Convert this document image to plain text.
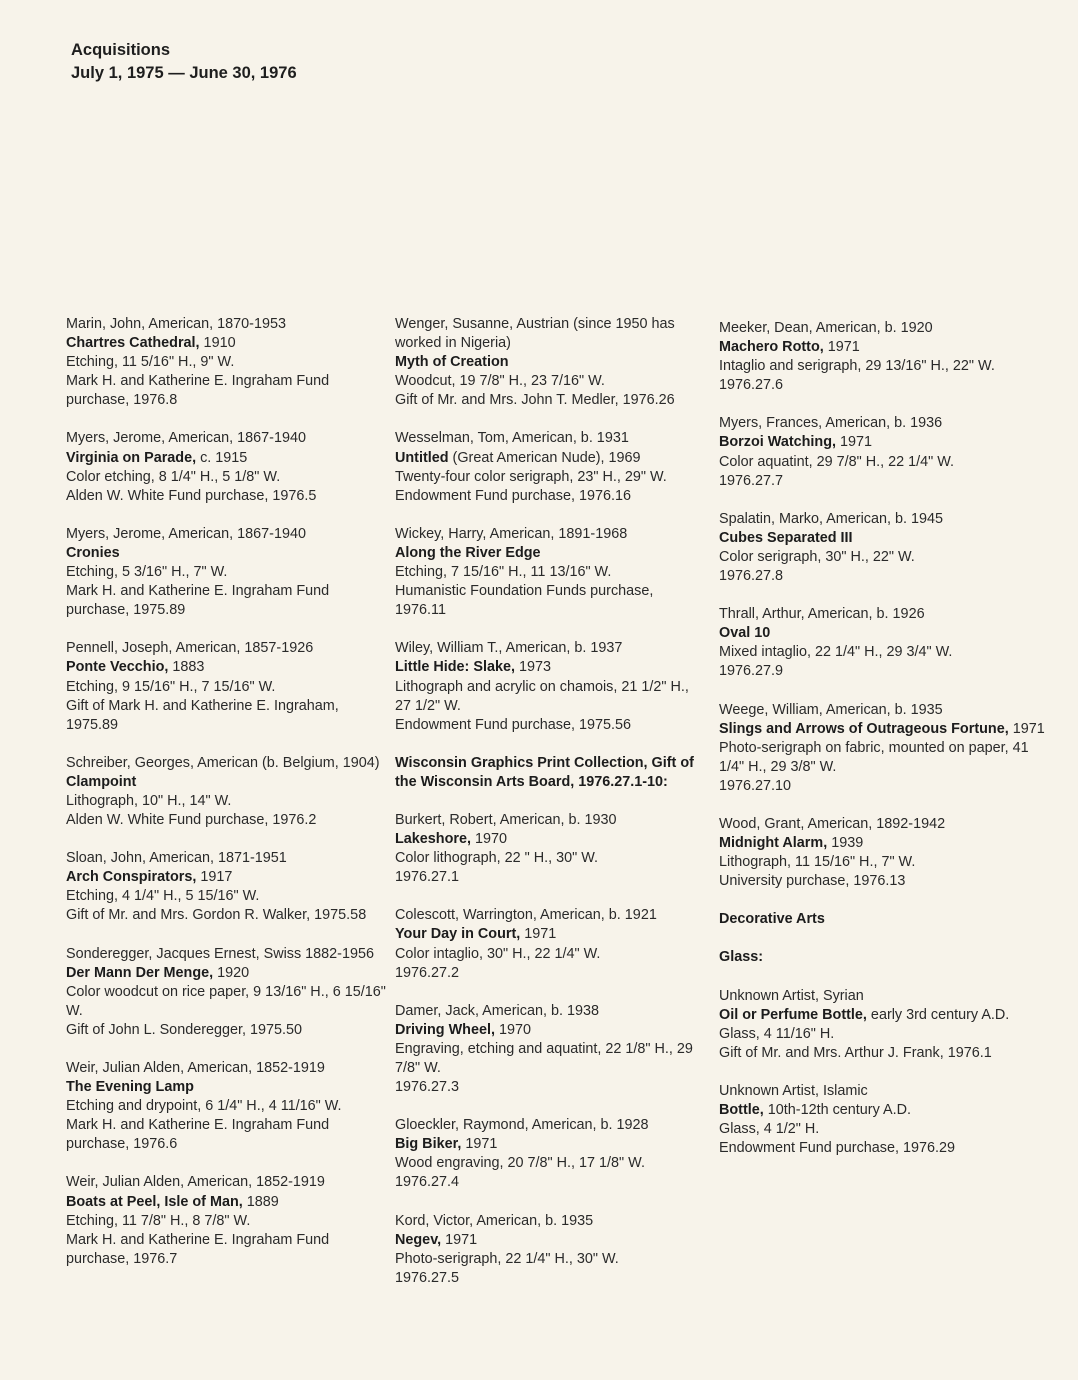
Acquisitions
July 1, 1975 — June 30, 1976
Marin, John, American, 1870-1953
Chartres Cathedral, 1910
Etching, 11 5/16" H., 9" W.
Mark H. and Katherine E. Ingraham Fund purchase, 1976.8
Myers, Jerome, American, 1867-1940
Virginia on Parade, c. 1915
Color etching, 8 1/4" H., 5 1/8" W.
Alden W. White Fund purchase, 1976.5
Myers, Jerome, American, 1867-1940
Cronies
Etching, 5 3/16" H., 7" W.
Mark H. and Katherine E. Ingraham Fund purchase, 1975.89
Pennell, Joseph, American, 1857-1926
Ponte Vecchio, 1883
Etching, 9 15/16" H., 7 15/16" W.
Gift of Mark H. and Katherine E. Ingraham, 1975.89
Schreiber, Georges, American (b. Belgium, 1904)
Clampoint
Lithograph, 10" H., 14" W.
Alden W. White Fund purchase, 1976.2
Sloan, John, American, 1871-1951
Arch Conspirators, 1917
Etching, 4 1/4" H., 5 15/16" W.
Gift of Mr. and Mrs. Gordon R. Walker, 1975.58
Sonderegger, Jacques Ernest, Swiss 1882-1956
Der Mann Der Menge, 1920
Color woodcut on rice paper, 9 13/16" H., 6 15/16" W.
Gift of John L. Sonderegger, 1975.50
Weir, Julian Alden, American, 1852-1919
The Evening Lamp
Etching and drypoint, 6 1/4" H., 4 11/16" W.
Mark H. and Katherine E. Ingraham Fund purchase, 1976.6
Weir, Julian Alden, American, 1852-1919
Boats at Peel, Isle of Man, 1889
Etching, 11 7/8" H., 8 7/8" W.
Mark H. and Katherine E. Ingraham Fund purchase, 1976.7
Wenger, Susanne, Austrian (since 1950 has worked in Nigeria)
Myth of Creation
Woodcut, 19 7/8" H., 23 7/16" W.
Gift of Mr. and Mrs. John T. Medler, 1976.26
Wesselman, Tom, American, b. 1931
Untitled (Great American Nude), 1969
Twenty-four color serigraph, 23" H., 29" W.
Endowment Fund purchase, 1976.16
Wickey, Harry, American, 1891-1968
Along the River Edge
Etching, 7 15/16" H., 11 13/16" W.
Humanistic Foundation Funds purchase, 1976.11
Wiley, William T., American, b. 1937
Little Hide: Slake, 1973
Lithograph and acrylic on chamois, 21 1/2" H., 27 1/2" W.
Endowment Fund purchase, 1975.56
Wisconsin Graphics Print Collection, Gift of the Wisconsin Arts Board, 1976.27.1-10:
Burkert, Robert, American, b. 1930
Lakeshore, 1970
Color lithograph, 22 " H., 30" W.
1976.27.1
Colescott, Warrington, American, b. 1921
Your Day in Court, 1971
Color intaglio, 30" H., 22 1/4" W.
1976.27.2
Damer, Jack, American, b. 1938
Driving Wheel, 1970
Engraving, etching and aquatint, 22 1/8" H., 29 7/8" W.
1976.27.3
Gloeckler, Raymond, American, b. 1928
Big Biker, 1971
Wood engraving, 20 7/8" H., 17 1/8" W.
1976.27.4
Kord, Victor, American, b. 1935
Negev, 1971
Photo-serigraph, 22 1/4" H., 30" W.
1976.27.5
Meeker, Dean, American, b. 1920
Machero Rotto, 1971
Intaglio and serigraph, 29 13/16" H., 22" W.
1976.27.6
Myers, Frances, American, b. 1936
Borzoi Watching, 1971
Color aquatint, 29 7/8" H., 22 1/4" W.
1976.27.7
Spalatin, Marko, American, b. 1945
Cubes Separated III
Color serigraph, 30" H., 22" W.
1976.27.8
Thrall, Arthur, American, b. 1926
Oval 10
Mixed intaglio, 22 1/4" H., 29 3/4" W.
1976.27.9
Weege, William, American, b. 1935
Slings and Arrows of Outrageous Fortune, 1971
Photo-serigraph on fabric, mounted on paper, 41 1/4" H., 29 3/8" W.
1976.27.10
Wood, Grant, American, 1892-1942
Midnight Alarm, 1939
Lithograph, 11 15/16" H., 7" W.
University purchase, 1976.13
Decorative Arts
Glass:
Unknown Artist, Syrian
Oil or Perfume Bottle, early 3rd century A.D.
Glass, 4 11/16" H.
Gift of Mr. and Mrs. Arthur J. Frank, 1976.1
Unknown Artist, Islamic
Bottle, 10th-12th century A.D.
Glass, 4 1/2" H.
Endowment Fund purchase, 1976.29
